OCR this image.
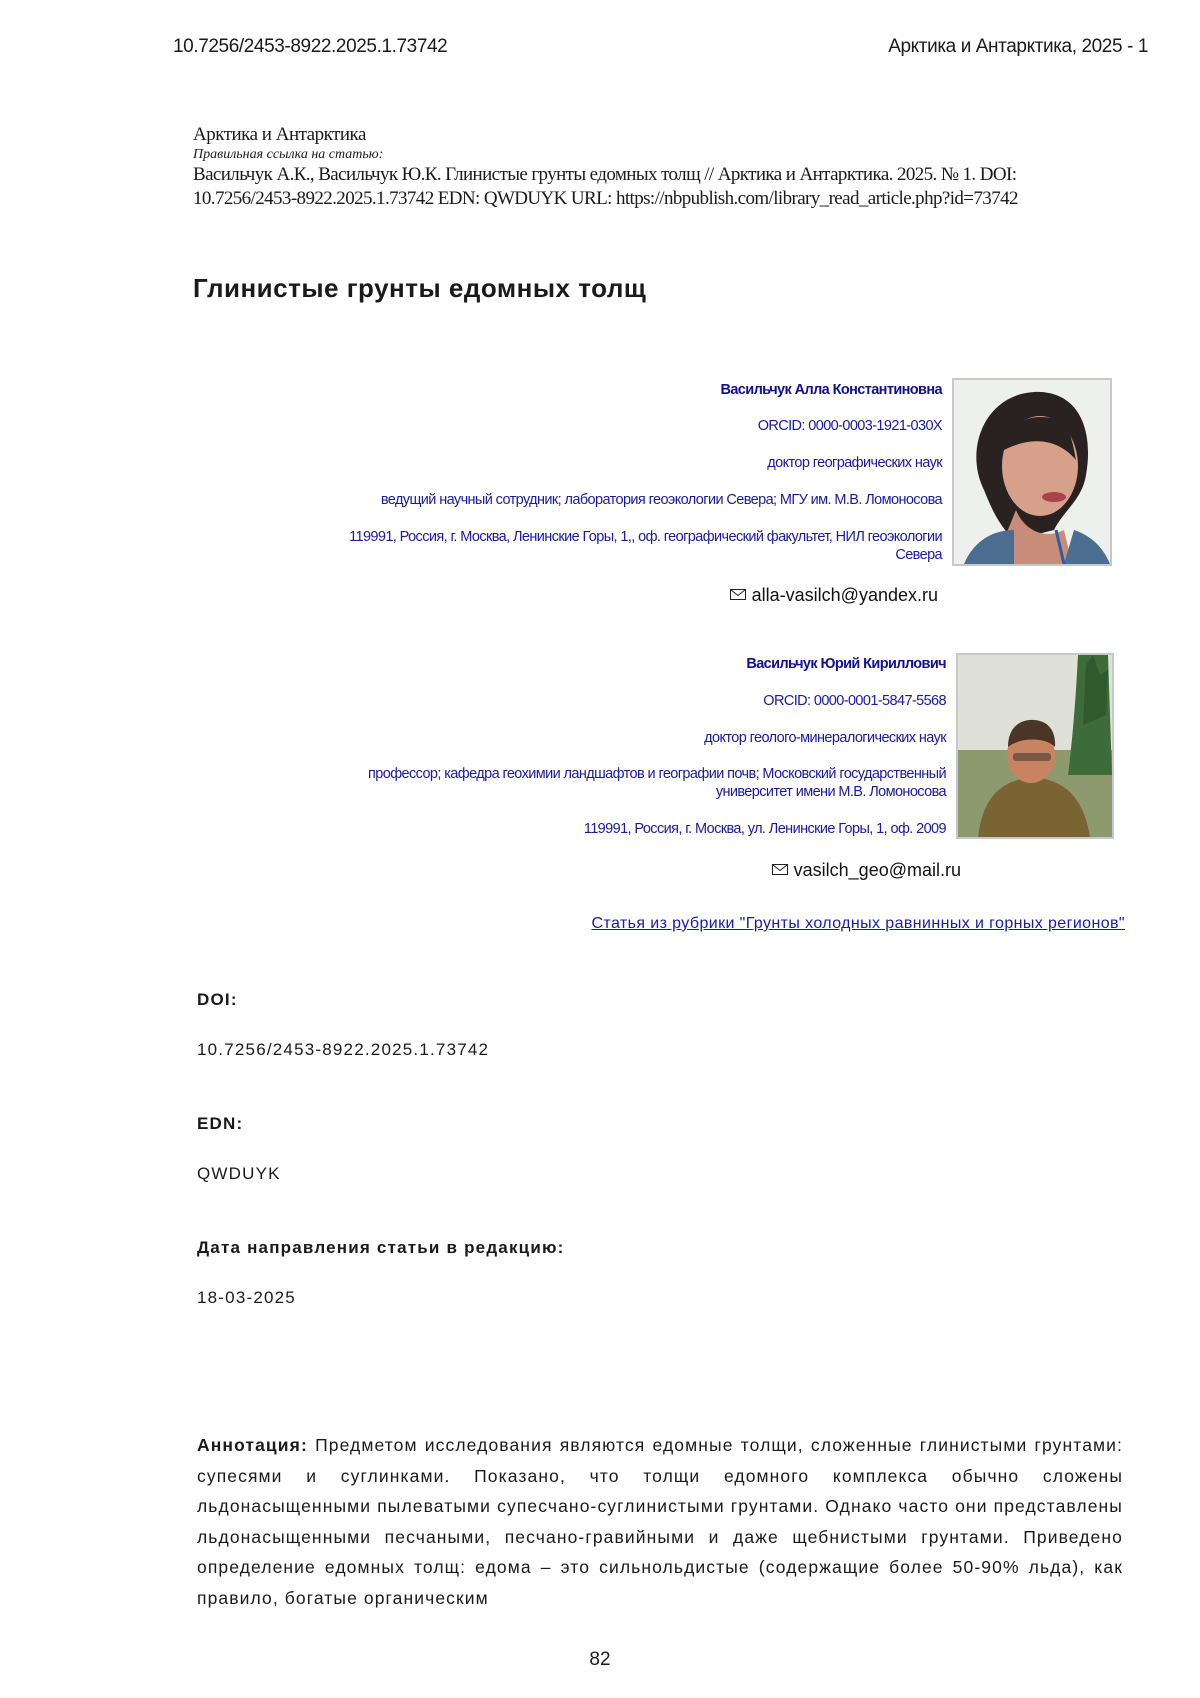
10.7256/2453-8922.2025.1.73742	Арктика и Антарктика, 2025 - 1
Арктика и Антарктика
Правильная ссылка на статью:
Васильчук А.К., Васильчук Ю.К. Глинистые грунты едомных толщ // Арктика и Антарктика. 2025. № 1. DOI:
10.7256/2453-8922.2025.1.73742 EDN: QWDUYK URL: https://nbpublish.com/library_read_article.php?id=73742
Глинистые грунты едомных толщ
Васильчук Алла Константиновна
ORCID: 0000-0003-1921-030X
доктор географических наук
ведущий научный сотрудник; лаборатория геоэкологии Севера; МГУ им. М.В. Ломоносова
119991, Россия, г. Москва, Ленинские Горы, 1,, оф. географический факультет, НИЛ геоэкологии
Севера
alla-vasilch@yandex.ru
Васильчук Юрий Кириллович
ORCID: 0000-0001-5847-5568
доктор геолого-минералогических наук
профессор; кафедра геохимии ландшафтов и географии почв; Московский государственный
университет имени М.В. Ломоносова
119991, Россия, г. Москва, ул. Ленинские Горы, 1, оф. 2009
vasilch_geo@mail.ru
Статья из рубрики "Грунты холодных равнинных и горных регионов"
DOI:
10.7256/2453-8922.2025.1.73742
EDN:
QWDUYK
Дата направления статьи в редакцию:
18-03-2025
Аннотация: Предметом исследования являются едомные толщи, сложенные глинистыми грунтами: супесями и суглинками. Показано, что толщи едомного комплекса обычно сложены льдонасыщенными пылеватыми супесчано-суглинистыми грунтами. Однако часто они представлены льдонасыщенными песчаными, песчано-гравийными и даже щебнистыми грунтами. Приведено определение едомных толщ: едома – это сильнольдистые (содержащие более 50-90% льда), как правило, богатые органическим
82
